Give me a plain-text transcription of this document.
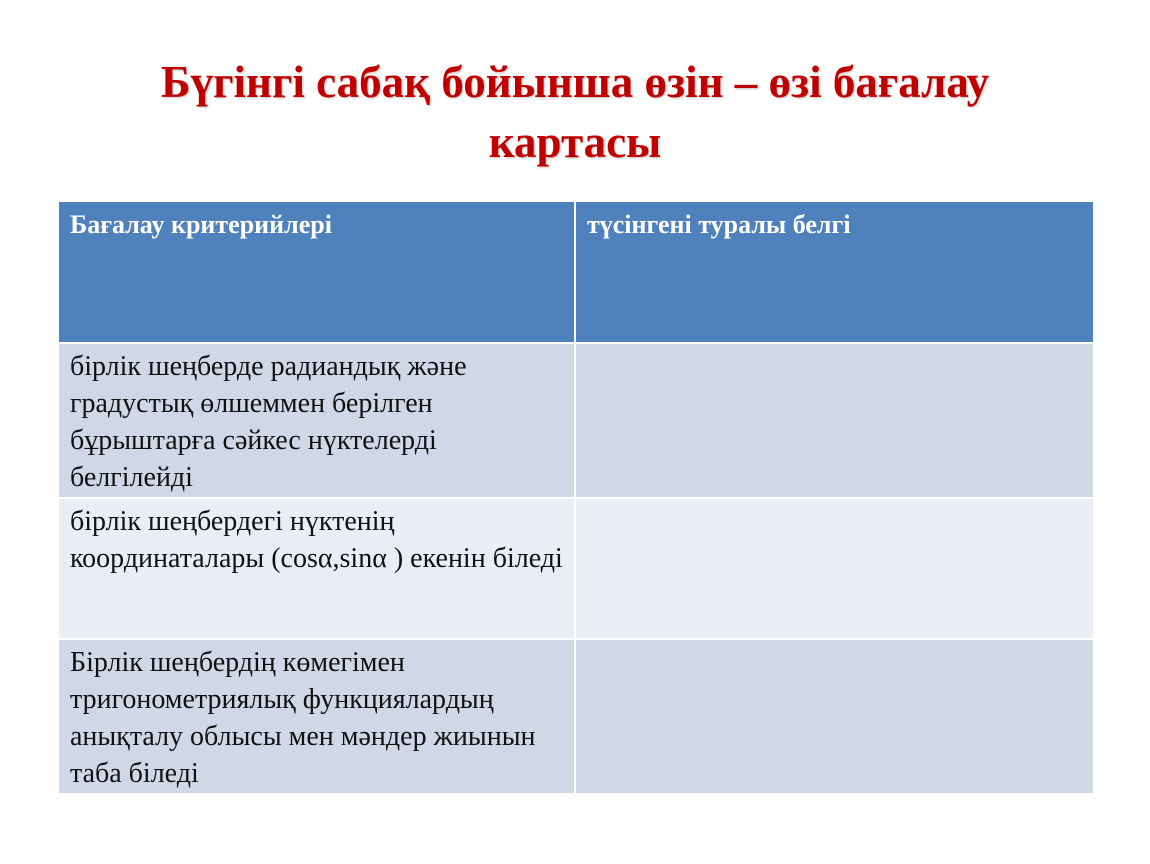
Бүгінгі сабақ бойынша өзін – өзі бағалау
картасы
Бағалау критерийлері	түсінгені туралы белгі
бірлік шеңберде радиандық және градустық өлшеммен берілген бұрыштарға сәйкес нүктелерді белгілейді	
бірлік шеңбердегі нүктенің координаталары (cosα,sinα ) екенін біледі	
Бірлік шеңбердің көмегімен тригонометриялық функциялардың анықталу облысы мен мәндер жиынын таба біледі	
